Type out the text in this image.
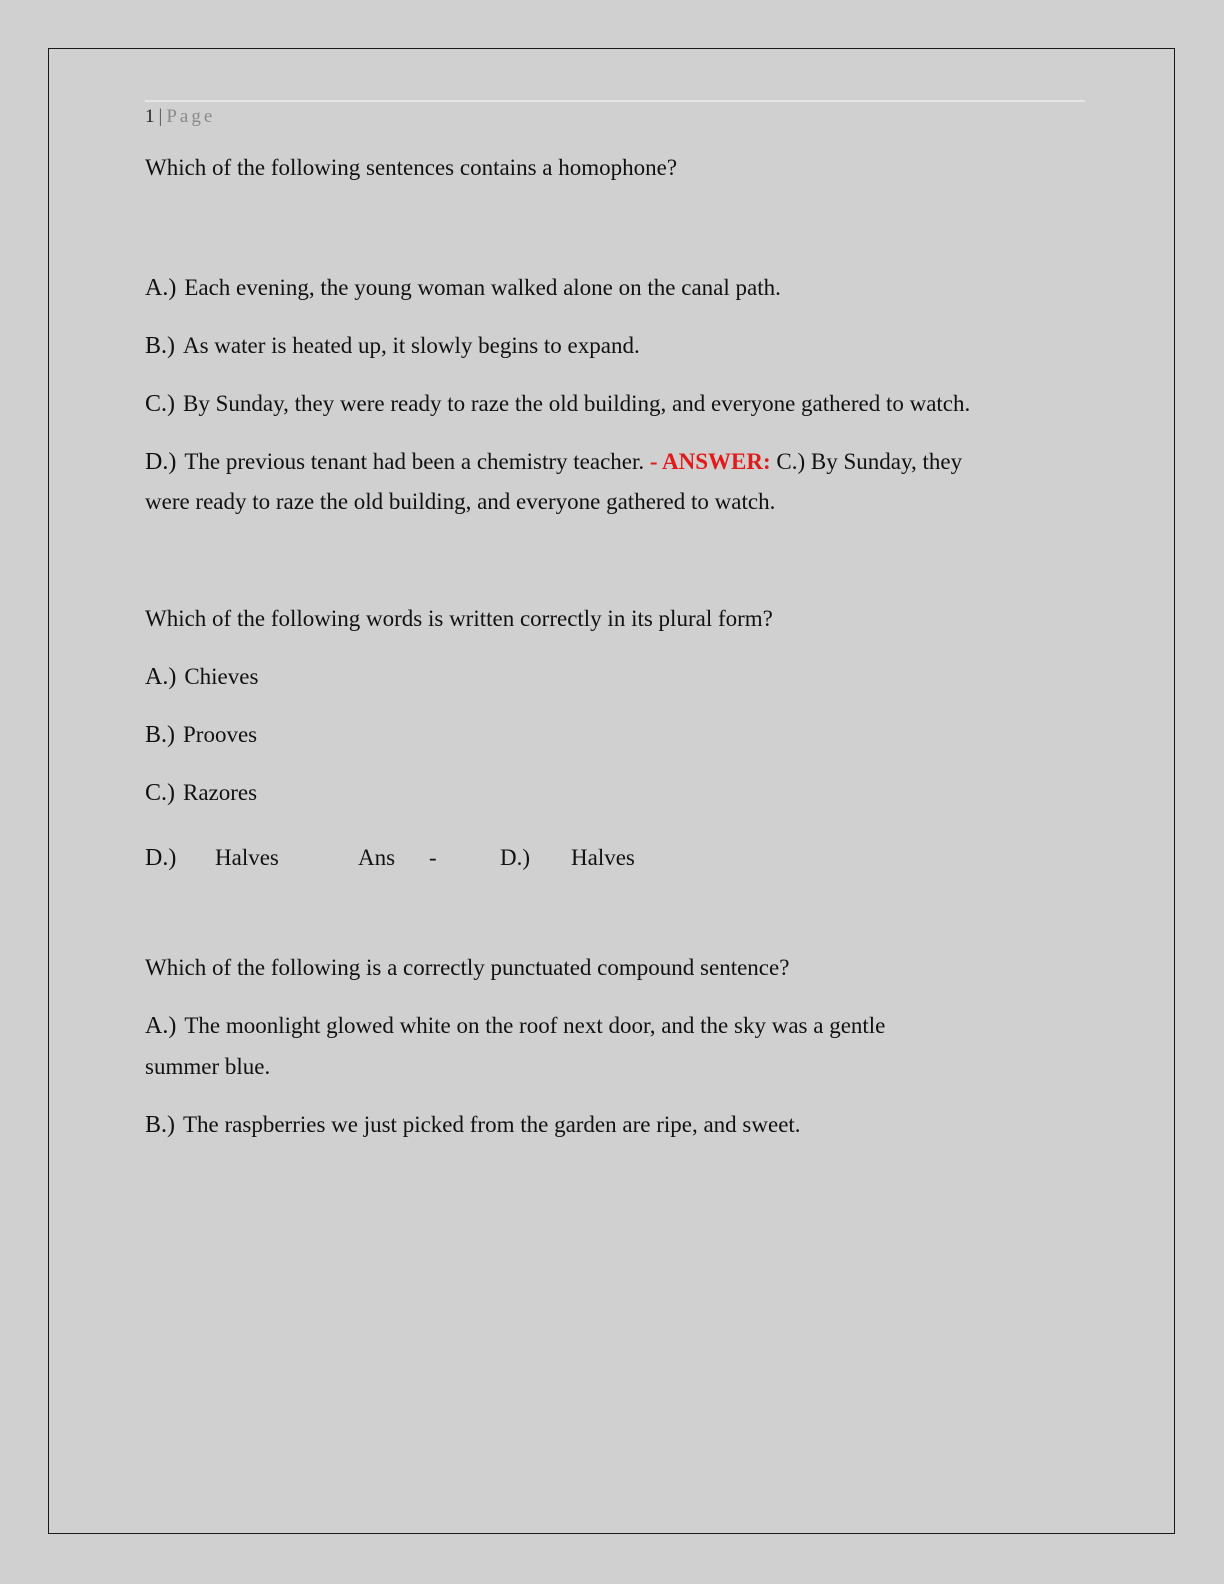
1 | Page
Which of the following sentences contains a homophone?
A.) Each evening, the young woman walked alone on the canal path.
B.) As water is heated up, it slowly begins to expand.
C.) By Sunday, they were ready to raze the old building, and everyone gathered to watch.
D.) The previous tenant had been a chemistry teacher. - ANSWER: C.) By Sunday, they
were ready to raze the old building, and everyone gathered to watch.
Which of the following words is written correctly in its plural form?
A.) Chieves
B.) Prooves
C.) Razores
D.) Halves	Ans -	D.) Halves
Which of the following is a correctly punctuated compound sentence?
A.) The moonlight glowed white on the roof next door, and the sky was a gentle
summer blue.
B.) The raspberries we just picked from the garden are ripe, and sweet.
